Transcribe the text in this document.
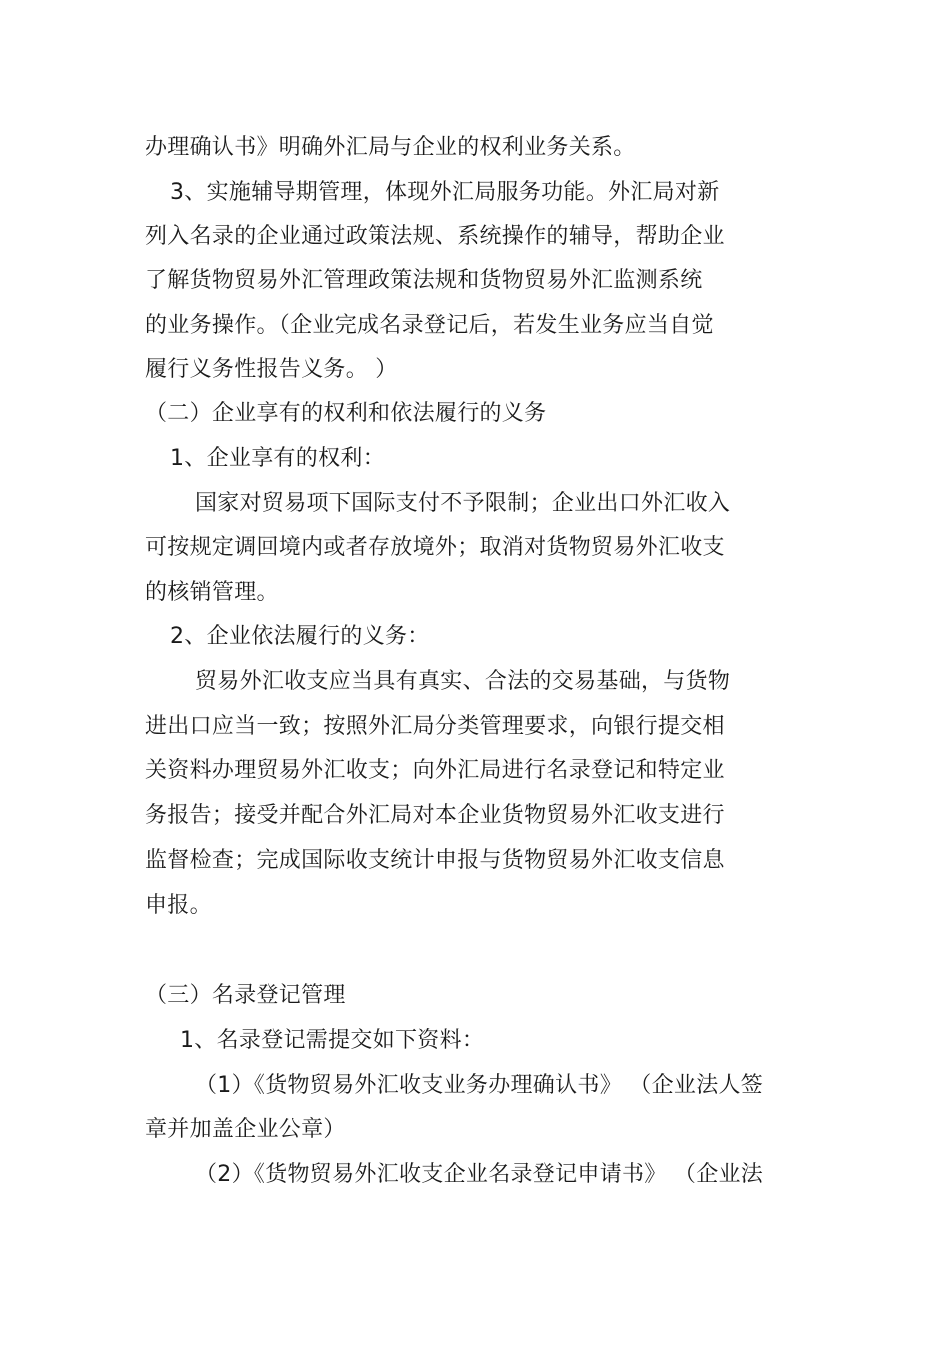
办理确认书》明确外汇局与企业的权利业务关系。
3、实施辅导期管理，体现外汇局服务功能。外汇局对新
列入名录的企业通过政策法规、系统操作的辅导，帮助企业
了解货物贸易外汇管理政策法规和货物贸易外汇监测系统
的业务操作。（企业完成名录登记后，若发生业务应当自觉
履行义务性报告义务。 ）
（二）企业享有的权利和依法履行的义务
1、企业享有的权利：
国家对贸易项下国际支付不予限制；企业出口外汇收入
可按规定调回境内或者存放境外；取消对货物贸易外汇收支
的核销管理。
2、企业依法履行的义务：
贸易外汇收支应当具有真实、合法的交易基础，与货物
进出口应当一致；按照外汇局分类管理要求，向银行提交相
关资料办理贸易外汇收支；向外汇局进行名录登记和特定业
务报告；接受并配合外汇局对本企业货物贸易外汇收支进行
监督检查；完成国际收支统计申报与货物贸易外汇收支信息
申报。
（三）名录登记管理
1、名录登记需提交如下资料：
（1）《货物贸易外汇收支业务办理确认书》 （企业法人签
章并加盖企业公章）
（2）《货物贸易外汇收支企业名录登记申请书》 （企业法
